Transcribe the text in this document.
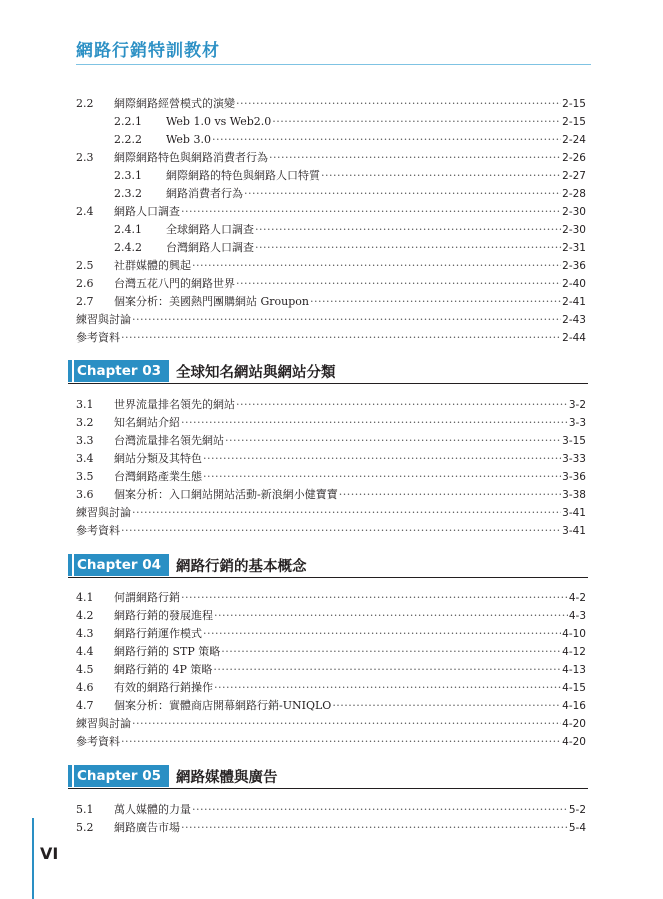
網路行銷特訓教材
2.2	網際網路經營模式的演變 .....	2-15
2.2.1	Web 1.0 vs Web2.0 .....	2-15
2.2.2	Web 3.0 .....	2-24
2.3	網際網路特色與網路消費者行為 .....	2-26
2.3.1	網際網路的特色與網路人口特質 .....	2-27
2.3.2	網路消費者行為 .....	2-28
2.4	網路人口調查 .....	2-30
2.4.1	全球網路人口調查 .....	2-30
2.4.2	台灣網路人口調查 .....	2-31
2.5	社群媒體的興起 .....	2-36
2.6	台灣五花八門的網路世界 .....	2-40
2.7	個案分析：美國熱門團購網站 Groupon .....	2-41
練習與討論 .....	2-43
參考資料 .....	2-44
Chapter 03	全球知名網站與網站分類
3.1	世界流量排名領先的網站 .....	3-2
3.2	知名網站介紹 .....	3-3
3.3	台灣流量排名領先網站 .....	3-15
3.4	網站分類及其特色 .....	3-33
3.5	台灣網路產業生態 .....	3-36
3.6	個案分析：入口網站開站活動-新浪網小健寶寶 .....	3-38
練習與討論 .....	3-41
參考資料 .....	3-41
Chapter 04	網路行銷的基本概念
4.1	何謂網路行銷 .....	4-2
4.2	網路行銷的發展進程 .....	4-3
4.3	網路行銷運作模式 .....	4-10
4.4	網路行銷的 STP 策略 .....	4-12
4.5	網路行銷的 4P 策略 .....	4-13
4.6	有效的網路行銷操作 .....	4-15
4.7	個案分析：實體商店開幕網路行銷-UNIQLO .....	4-16
練習與討論 .....	4-20
參考資料 .....	4-20
Chapter 05	網路媒體與廣告
5.1	萬人媒體的力量 .....	5-2
5.2	網路廣告市場 .....	5-4
VI
